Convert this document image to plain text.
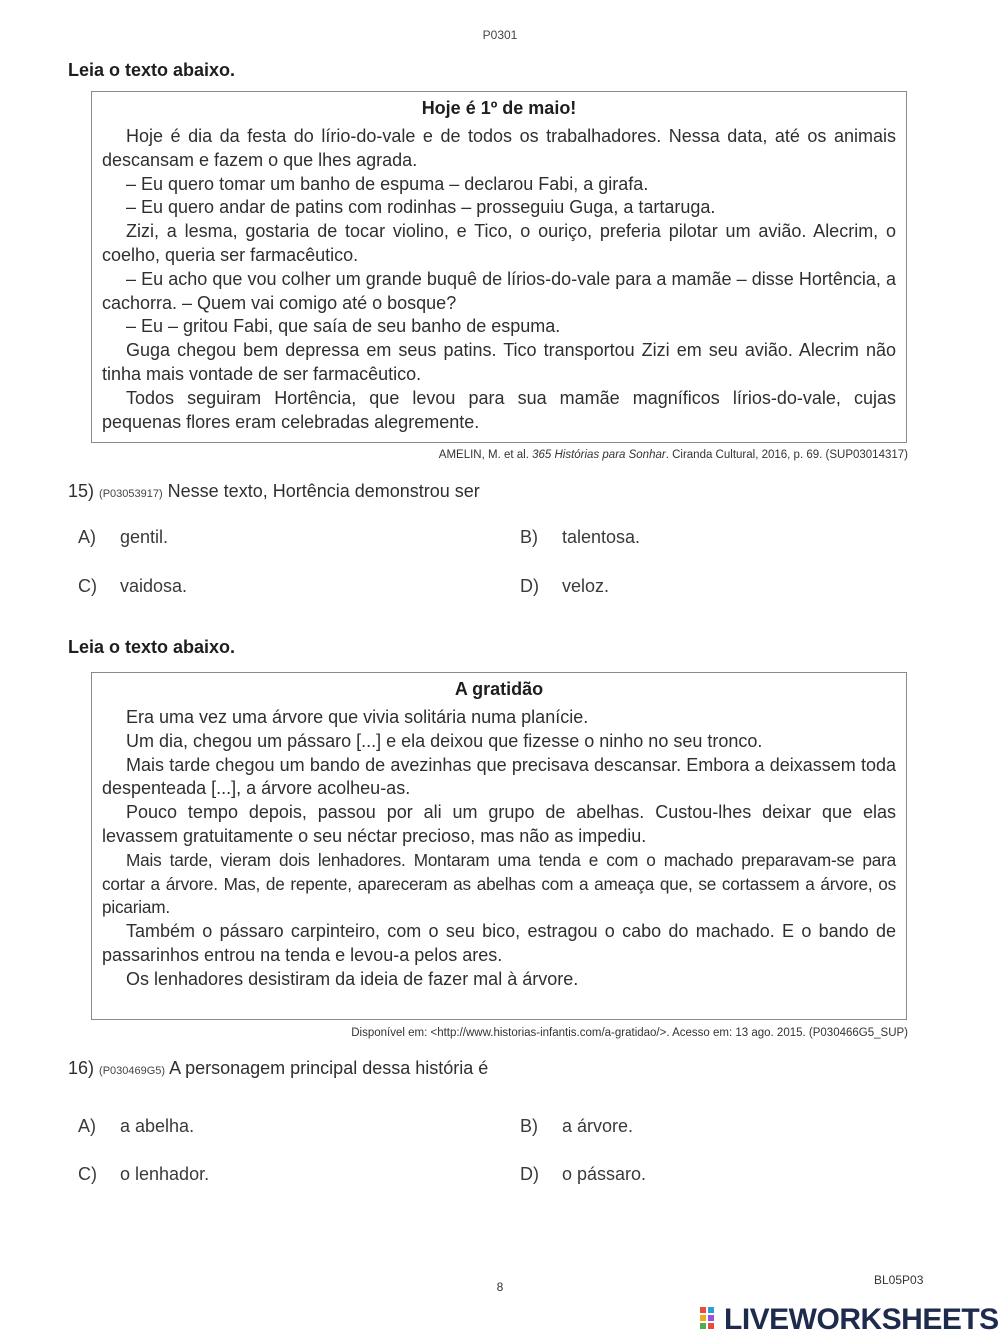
P0301
Leia o texto abaixo.
Hoje é 1º de maio!

Hoje é dia da festa do lírio-do-vale e de todos os trabalhadores. Nessa data, até os animais descansam e fazem o que lhes agrada.

– Eu quero tomar um banho de espuma – declarou Fabi, a girafa.

– Eu quero andar de patins com rodinhas – prosseguiu Guga, a tartaruga.

Zizi, a lesma, gostaria de tocar violino, e Tico, o ouriço, preferia pilotar um avião. Alecrim, o coelho, queria ser farmacêutico.

– Eu acho que vou colher um grande buquê de lírios-do-vale para a mamãe – disse Hortência, a cachorra. – Quem vai comigo até o bosque?

– Eu – gritou Fabi, que saía de seu banho de espuma.

Guga chegou bem depressa em seus patins. Tico transportou Zizi em seu avião. Alecrim não tinha mais vontade de ser farmacêutico.

Todos seguiram Hortência, que levou para sua mamãe magníficos lírios-do-vale, cujas pequenas flores eram celebradas alegremente.

AMELIN, M. et al. 365 Histórias para Sonhar. Ciranda Cultural, 2016, p. 69. (SUP03014317)
15) (P03053917) Nesse texto, Hortência demonstrou ser
A) gentil.	B) talentosa.
C) vaidosa.	D) veloz.
Leia o texto abaixo.
A gratidão

Era uma vez uma árvore que vivia solitária numa planície.

Um dia, chegou um pássaro [...] e ela deixou que fizesse o ninho no seu tronco.

Mais tarde chegou um bando de avezinhas que precisava descansar. Embora a deixassem toda despenteada [...], a árvore acolheu-as.

Pouco tempo depois, passou por ali um grupo de abelhas. Custou-lhes deixar que elas levassem gratuitamente o seu néctar precioso, mas não as impediu.

Mais tarde, vieram dois lenhadores. Montaram uma tenda e com o machado preparavam-se para cortar a árvore. Mas, de repente, apareceram as abelhas com a ameaça que, se cortassem a árvore, os picariam.

Também o pássaro carpinteiro, com o seu bico, estragou o cabo do machado. E o bando de passarinhos entrou na tenda e levou-a pelos ares.

Os lenhadores desistiram da ideia de fazer mal à árvore.

Disponível em: <http://www.historias-infantis.com/a-gratidao/>. Acesso em: 13 ago. 2015. (P030466G5_SUP)
16) (P030469G5) A personagem principal dessa história é
A) a abelha.	B) a árvore.
C) o lenhador.	D) o pássaro.
8	BL05P03
LIVEWORKSHEETS
